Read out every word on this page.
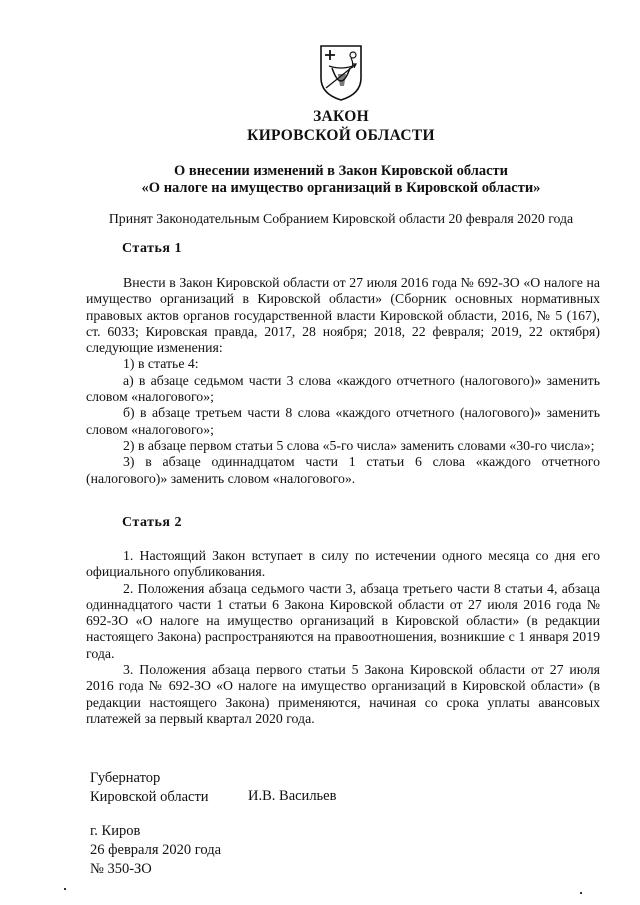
ЗАКОН
КИРОВСКОЙ ОБЛАСТИ
О внесении изменений в Закон Кировской области
«О налоге на имущество организаций в Кировской области»
Принят Законодательным Собранием Кировской области 20 февраля 2020 года
Статья 1

Внести в Закон Кировской области от 27 июля 2016 года № 692-ЗО «О налоге на имущество организаций в Кировской области» (Сборник основных нормативных правовых актов органов государственной власти Кировской области, 2016, № 5 (167), ст. 6033; Кировская правда, 2017, 28 ноября; 2018, 22 февраля; 2019, 22 октября) следующие изменения:

1) в статье 4:

а) в абзаце седьмом части 3 слова «каждого отчетного (налогового)» заменить словом «налогового»;

б) в абзаце третьем части 8 слова «каждого отчетного (налогового)» заменить словом «налогового»;

2) в абзаце первом статьи 5 слова «5-го числа» заменить словами «30-го числа»;

3) в абзаце одиннадцатом части 1 статьи 6 слова «каждого отчетного (налогового)» заменить словом «налогового».

Статья 2

1. Настоящий Закон вступает в силу по истечении одного месяца со дня его официального опубликования.

2. Положения абзаца седьмого части 3, абзаца третьего части 8 статьи 4, абзаца одиннадцатого части 1 статьи 6 Закона Кировской области от 27 июля 2016 года № 692-ЗО «О налоге на имущество организаций в Кировской области» (в редакции настоящего Закона) распространяются на правоотношения, возникшие с 1 января 2019 года.

3. Положения абзаца первого статьи 5 Закона Кировской области от 27 июля 2016 года № 692-ЗО «О налоге на имущество организаций в Кировской области» (в редакции настоящего Закона) применяются, начиная со срока уплаты авансовых платежей за первый квартал 2020 года.

Губернатор
Кировской области	И.В. Васильев
г. Киров
26 февраля 2020 года
№ 350-ЗО
